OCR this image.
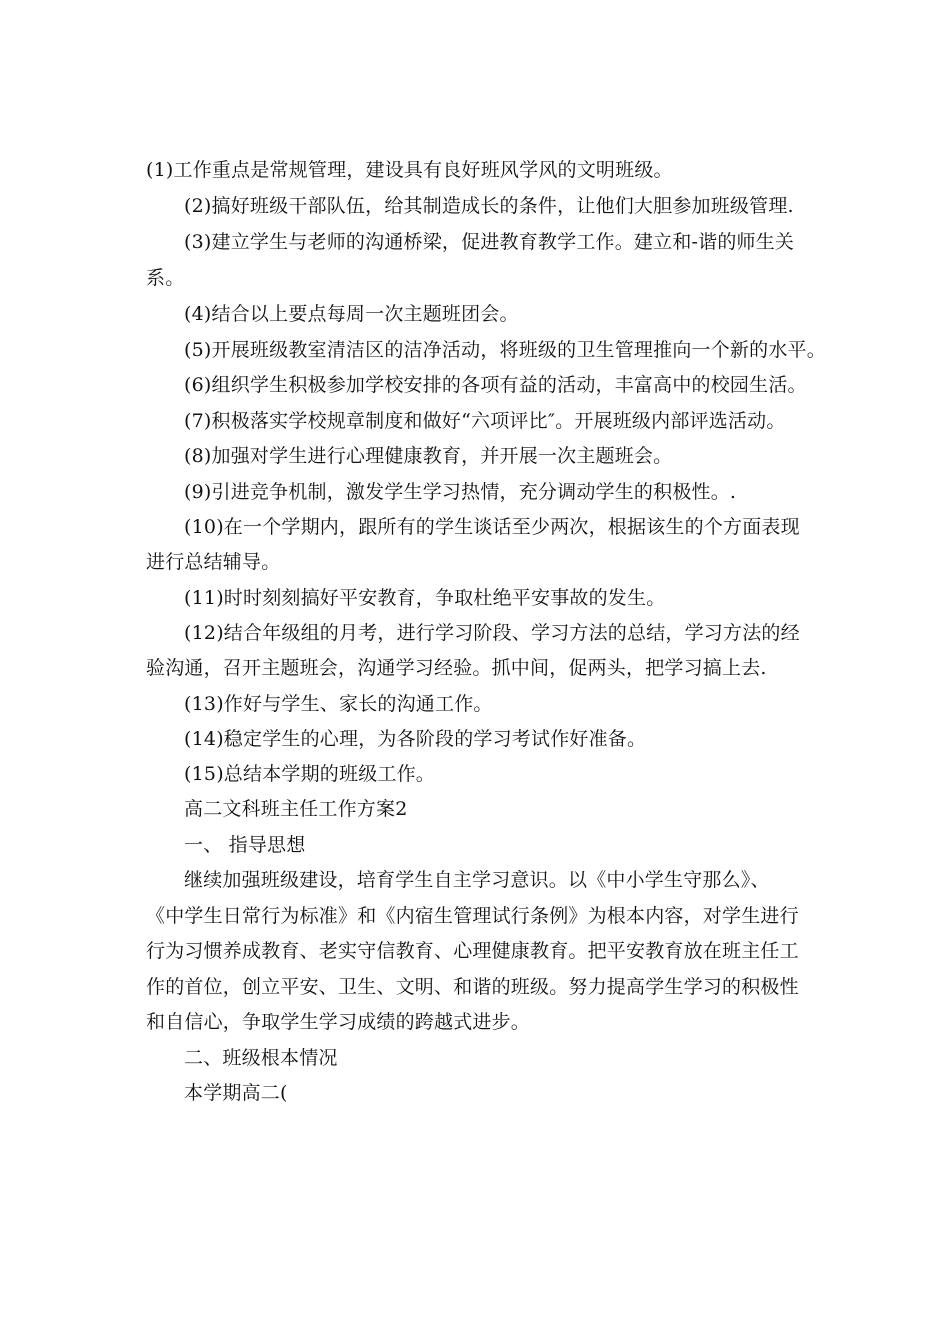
(1)工作重点是常规管理，建设具有良好班风学风的文明班级。
(2)搞好班级干部队伍，给其制造成长的条件，让他们大胆参加班级管理.
(3)建立学生与老师的沟通桥梁，促进教育教学工作。建立和-谐的师生关
系。
(4)结合以上要点每周一次主题班团会。
(5)开展班级教室清洁区的洁净活动，将班级的卫生管理推向一个新的水平。
(6)组织学生积极参加学校安排的各项有益的活动，丰富高中的校园生活。
(7)积极落实学校规章制度和做好“六项评比″。开展班级内部评选活动。
(8)加强对学生进行心理健康教育，并开展一次主题班会。
(9)引进竞争机制，激发学生学习热情，充分调动学生的积极性。.
(10)在一个学期内，跟所有的学生谈话至少两次，根据该生的个方面表现
进行总结辅导。
(11)时时刻刻搞好平安教育，争取杜绝平安事故的发生。
(12)结合年级组的月考，进行学习阶段、学习方法的总结，学习方法的经
验沟通，召开主题班会，沟通学习经验。抓中间，促两头，把学习搞上去.
(13)作好与学生、家长的沟通工作。
(14)稳定学生的心理，为各阶段的学习考试作好准备。
(15)总结本学期的班级工作。
高二文科班主任工作方案2
一、 指导思想
继续加强班级建设，培育学生自主学习意识。以《中小学生守那么》、
《中学生日常行为标准》和《内宿生管理试行条例》为根本内容，对学生进行
行为习惯养成教育、老实守信教育、心理健康教育。把平安教育放在班主任工
作的首位，创立平安、卫生、文明、和谐的班级。努力提高学生学习的积极性
和自信心，争取学生学习成绩的跨越式进步。
二、班级根本情况
本学期高二(
